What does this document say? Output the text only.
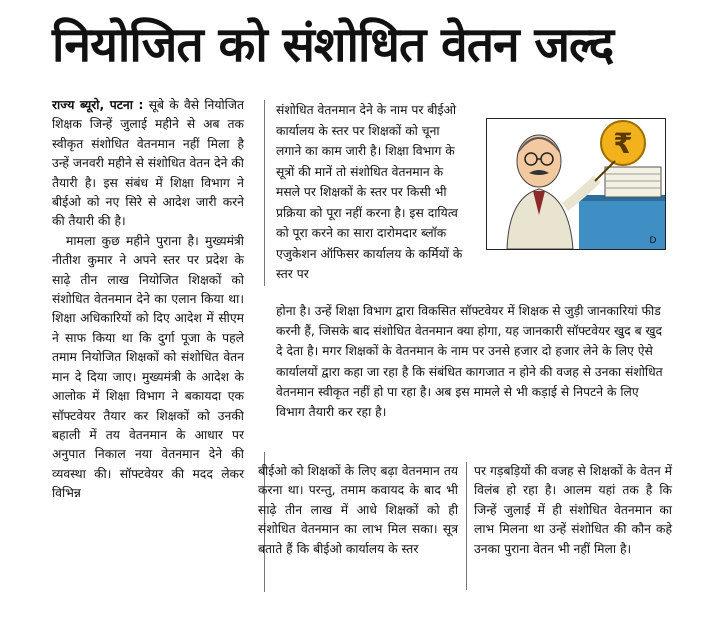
नियोजित को संशोधित वेतन जल्द

राज्य ब्यूरो, पटना : सूबे के वैसे नियोजित शिक्षक जिन्हें जुलाई महीने से अब तक स्वीकृत संशोधित वेतनमान नहीं मिला है उन्हें जनवरी महीने से संशोधित वेतन देने की तैयारी है। इस संबंध में शिक्षा विभाग ने बीईओ को नए सिरे से आदेश जारी करने की तैयारी की है।

मामला कुछ महीने पुराना है। मुख्यमंत्री नीतीश कुमार ने अपने स्तर पर प्रदेश के साढ़े तीन लाख नियोजित शिक्षकों को संशोधित वेतनमान देने का एलान किया था। शिक्षा अधिकारियों को दिए आदेश में सीएम ने साफ किया था कि दुर्गा पूजा के पहले तमाम नियोजित शिक्षकों को संशोधित वेतन मान दे दिया जाए। मुख्यमंत्री के आदेश के आलोक में शिक्षा विभाग ने बकायदा एक सॉफ्टवेयर तैयार कर शिक्षकों को उनकी बहाली में तय वेतनमान के आधार पर अनुपात निकाल नया वेतनमान देने की व्यवस्था की। सॉफ्टवेयर की मदद लेकर विभिन्न

संशोधित वेतनमान देने के नाम पर बीईओ कार्यालय के स्तर पर शिक्षकों को चूना लगाने का काम जारी है। शिक्षा विभाग के सूत्रों की मानें तो संशोधित वेतनमान के मसले पर शिक्षकों के स्तर पर किसी भी प्रक्रिया को पूरा नहीं करना है। इस दायित्व को पूरा करने का सारा दारोमदार ब्लॉक एजुकेशन ऑफिसर कार्यालय के कर्मियों के स्तर पर
₹
D
होना है। उन्हें शिक्षा विभाग द्वारा विकसित सॉफ्टवेयर में शिक्षक से जुड़ी जानकारियां फीड करनी हैं, जिसके बाद संशोधित वेतनमान क्या होगा, यह जानकारी सॉफ्टवेयर खुद ब खुद दे देता है। मगर शिक्षकों के वेतनमान के नाम पर उनसे हजार दो हजार लेने के लिए ऐसे कार्यालयों द्वारा कहा जा रहा है कि संबंधित कागजात न होने की वजह से उनका संशोधित वेतनमान स्वीकृत नहीं हो पा रहा है। अब इस मामले से भी कड़ाई से निपटने के लिए विभाग तैयारी कर रहा है।
बीईओ को शिक्षकों के लिए बढ़ा वेतनमान तय करना था। परन्तु, तमाम कवायद के बाद भी साढ़े तीन लाख में आधे शिक्षकों को ही संशोधित वेतनमान का लाभ मिल सका। सूत्र बताते हैं कि बीईओ कार्यालय के स्तर
पर गड़बड़ियों की वजह से शिक्षकों के वेतन में विलंब हो रहा है। आलम यहां तक है कि जिन्हें जुलाई में ही संशोधित वेतनमान का लाभ मिलना था उन्हें संशोधित की कौन कहे उनका पुराना वेतन भी नहीं मिला है।
